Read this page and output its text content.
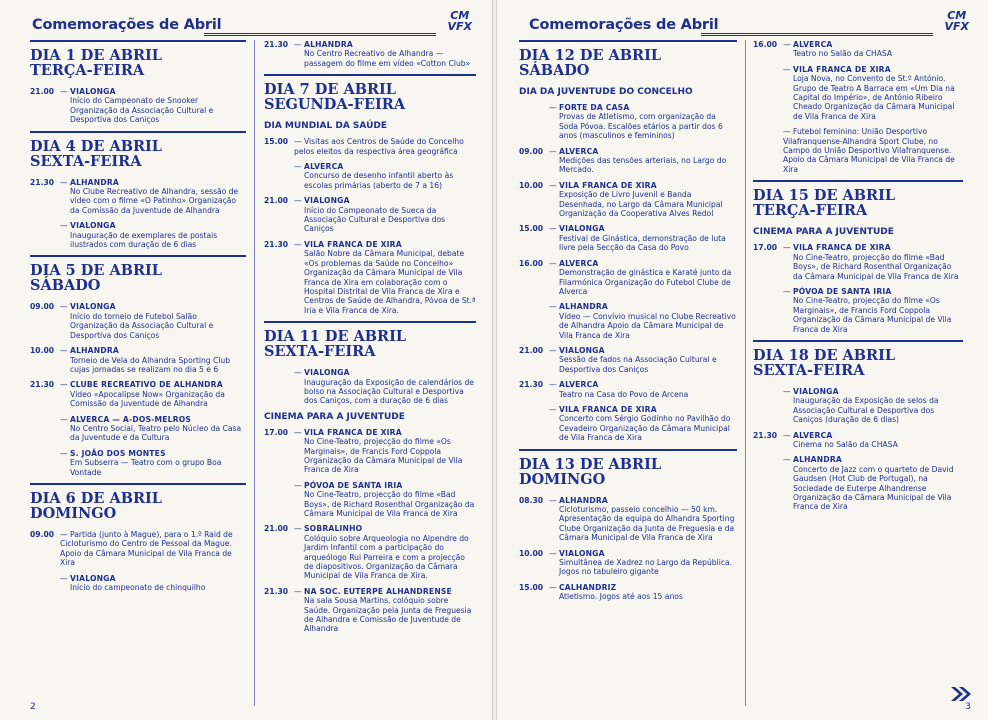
Comemorações de Abril
CM
VFX
DIA 1 DE ABRIL
TERÇA-FEIRA
21.00 — VIALONGA
Início do Campeonato de Snooker Organização da Associação Cultural e Desportiva dos Caniços
DIA 4 DE ABRIL
SEXTA-FEIRA
21.30 — ALHANDRA
No Clube Recreativo de Alhandra, sessão de vídeo com o filme «O Patinho» Organização da Comissão da Juventude de Alhandra
— VIALONGA
Inauguração de exemplares de postais ilustrados com duração de 6 dias
DIA 5 DE ABRIL
SÁBADO
09.00 — VIALONGA
Início do torneio de Futebol Salão Organização da Associação Cultural e Desportiva dos Caniços
10.00 — ALHANDRA
Torneio de Vela do Alhandra Sporting Club cujas jornadas se realizam no dia 5 e 6
21.30 — CLUBE RECREATIVO DE ALHANDRA
Vídeo «Apocalipse Now» Organização da Comissão da Juventude de Alhandra
— ALVERCA — A-DOS-MELROS
No Centro Social, Teatro pelo Núcleo da Casa da Juventude e da Cultura
— S. JOÃO DOS MONTES
Em Subserra — Teatro com o grupo Boa Vontade
DIA 6 DE ABRIL
DOMINGO
09.00 — Partida (junto à Mague), para o 1.º Raid de Cicloturismo do Centro de Pessoal da Mague. Apoio da Câmara Municipal de Vila Franca de Xira
— VIALONGA
Início do campeonato de chinquilho
21.30 — ALHANDRA
No Centro Recreativo de Alhandra — passagem do filme em vídeo «Cotton Club»
DIA 7 DE ABRIL
SEGUNDA-FEIRA
DIA MUNDIAL DA SAÚDE
15.00 — Visitas aos Centros de Saúde do Concelho pelos eleitos da respectiva área geográfica
— ALVERCA
Concurso de desenho infantil aberto às escolas primárias (aberto de 7 a 16)
21.00 — VIALONGA
Início do Campeonato de Sueca da Associação Cultural e Desportiva dos Caniços
21.30 — VILA FRANCA DE XIRA
Salão Nobre da Câmara Municipal, debate «Os problemas da Saúde no Concelho» Organização da Câmara Municipal de Vila Franca de Xira em colaboração com o Hospital Distrital de Vila Franca de Xira e Centros de Saúde de Alhandra, Póvoa de St.ª Iria e Vila Franca de Xira.
DIA 11 DE ABRIL
SEXTA-FEIRA
— VIALONGA
Inauguração da Exposição de calendários de bolso na Associação Cultural e Desportiva dos Caniços, com a duração de 6 dias
CINEMA PARA A JUVENTUDE
17.00 — VILA FRANCA DE XIRA
No Cine-Teatro, projecção do filme «Os Marginais», de Francis Ford Coppola Organização da Câmara Municipal de Vila Franca de Xira
— PÓVOA DE SANTA IRIA
No Cine-Teatro, projecção do filme «Bad Boys», de Richard Rosenthal Organização da Câmara Municipal de Vila Franca de Xira
21.00 — SOBRALINHO
Colóquio sobre Arqueologia no Alpendre do Jardim Infantil com a participação do arqueólogo Rui Parreira e com a projecção de diapositivos. Organização da Câmara Municipal de Vila Franca de Xira.
21.30 — NA SOC. EUTERPE ALHANDRENSE
Na sala Sousa Martins, colóquio sobre Saúde. Organização pela Junta de Freguesia de Alhandra e Comissão de Juventude de Alhandra
2
Comemorações de Abril
CM
VFX
DIA 12 DE ABRIL
SÁBADO
DIA DA JUVENTUDE DO CONCELHO
— FORTE DA CASA
Provas de Atletismo, com organização da Soda Póvoa. Escalões etários a partir dos 6 anos (masculinos e femininos)
09.00 — ALVERCA
Medições das tensões arteriais, no Largo do Mercado.
10.00 — VILA FRANCA DE XIRA
Exposição de Livro Juvenil e Banda Desenhada, no Largo da Câmara Municipal Organização da Cooperativa Alves Redol
15.00 — VIALONGA
Festival de Ginástica, demonstração de luta livre pela Secção da Casa do Povo
16.00 — ALVERCA
Demonstração de ginástica e Karaté junto da Filarmónica Organização do Futebol Clube de Alverca
— ALHANDRA
Vídeo — Convívio musical no Clube Recreativo de Alhandra Apoio da Câmara Municipal de Vila Franca de Xira
21.00 — VIALONGA
Sessão de fados na Associação Cultural e Desportiva dos Caniços
21.30 — ALVERCA
Teatro na Casa do Povo de Arcena
— VILA FRANCA DE XIRA
Concerto com Sérgio Godinho no Pavilhão do Cevadeiro Organização da Câmara Municipal de Vila Franca de Xira
DIA 13 DE ABRIL
DOMINGO
08.30 — ALHANDRA
Cicloturismo, passeio concelhio — 50 km. Apresentação da equipa do Alhandra Sporting Clube Organização da Junta de Freguesia e da Câmara Municipal de Vila Franca de Xira
10.00 — VIALONGA
Simultânea de Xadrez no Largo da República. Jogos no tabuleiro gigante
15.00 — CALHANDRIZ
Atletismo. Jogos até aos 15 anos
16.00 — ALVERCA
Teatro no Salão da CHASA
— VILA FRANCA DE XIRA
Loja Nova, no Convento de St.º António. Grupo de Teatro A Barraca em «Um Dia na Capital do Império», de António Ribeiro Cheado Organização da Câmara Municipal de Vila Franca de Xira
— Futebol feminino: União Desportivo Vilafranquense-Alhandra Sport Clube, no Campo do União Desportivo Vilafranquense. Apoio da Câmara Municipal de Vila Franca de Xira
DIA 15 DE ABRIL
TERÇA-FEIRA
CINEMA PARA A JUVENTUDE
17.00 — VILA FRANCA DE XIRA
No Cine-Teatro, projecção do filme «Bad Boys», de Richard Rosenthal Organização da Câmara Municipal de Vila Franca de Xira
— PÓVOA DE SANTA IRIA
No Cine-Teatro, projecção do filme «Os Marginais», de Francis Ford Coppola Organização da Câmara Municipal de Vila Franca de Xira
DIA 18 DE ABRIL
SEXTA-FEIRA
— VIALONGA
Inauguração da Exposição de selos da Associação Cultural e Desportiva dos Caniços (duração de 6 dias)
21.30 — ALVERCA
Cinema no Salão da CHASA
— ALHANDRA
Concerto de Jazz com o quarteto de David Gaudsen (Hot Club de Portugal), na Sociedade de Euterpe Alhandrense Organização da Câmara Municipal de Vila Franca de Xira
3
